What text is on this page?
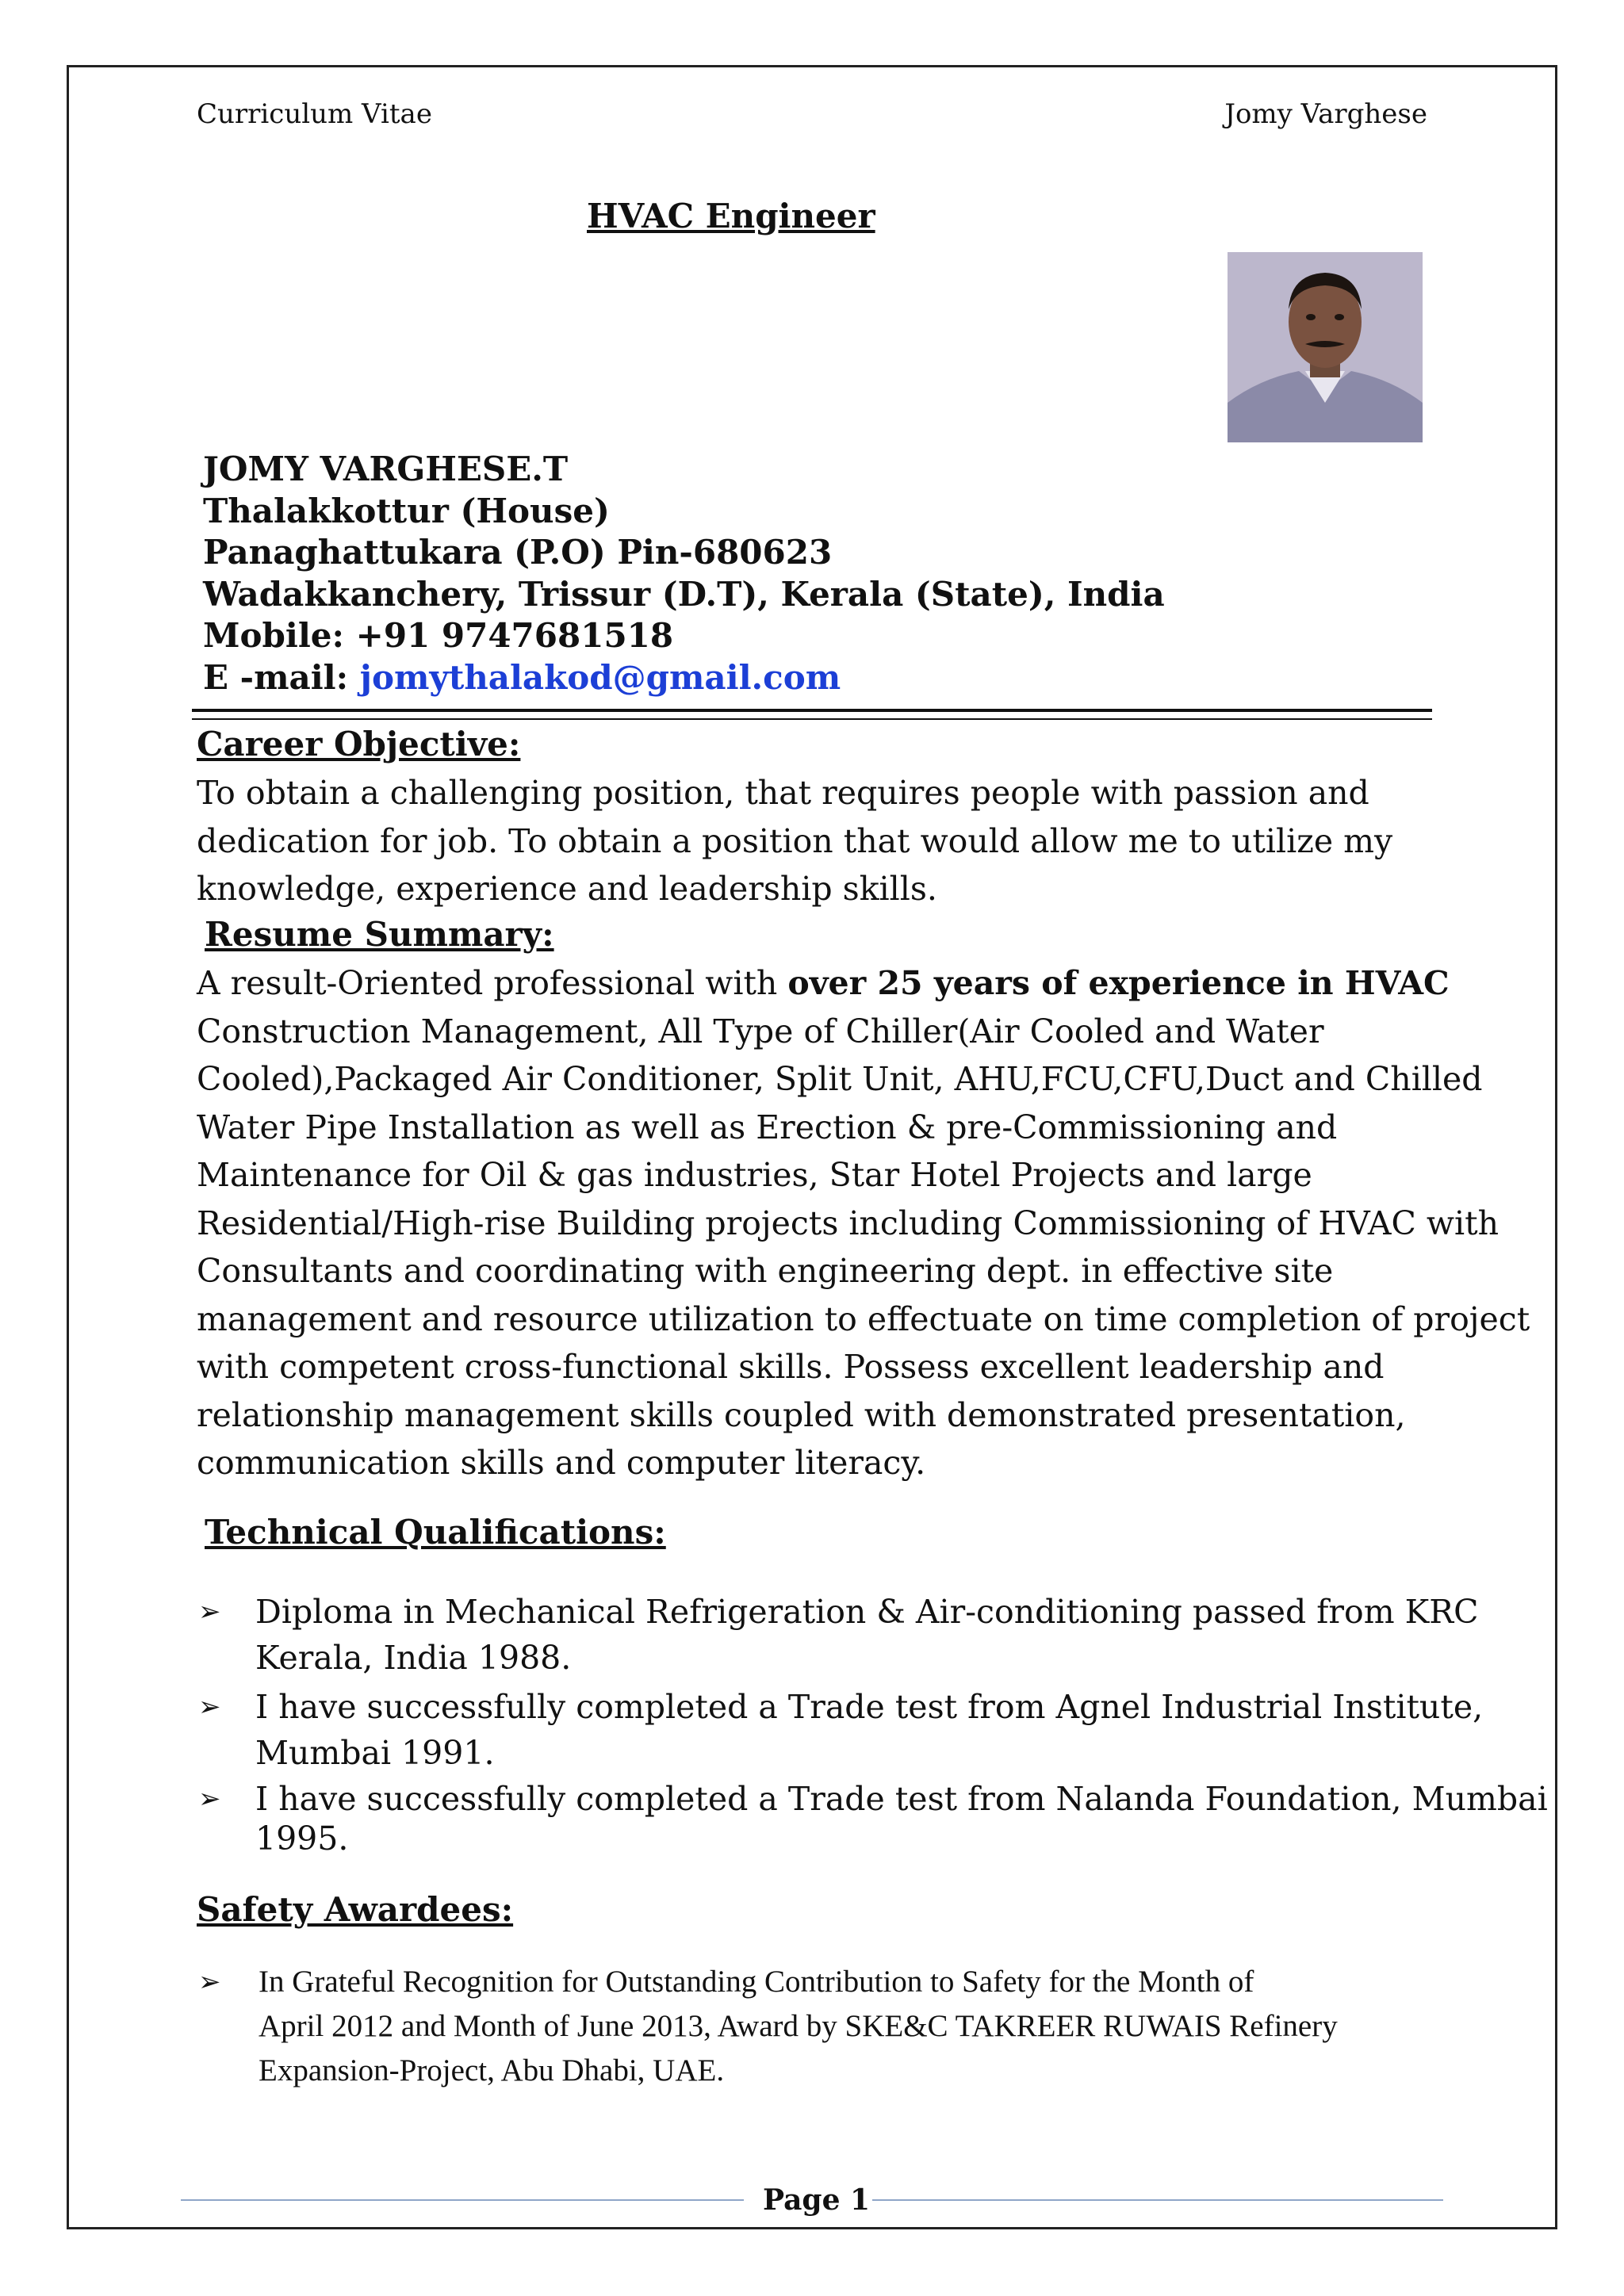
Curriculum Vitae	Jomy Varghese
HVAC Engineer
JOMY VARGHESE.T
Thalakkottur (House)
Panaghattukara (P.O) Pin-680623
Wadakkanchery, Trissur (D.T), Kerala (State), India
Mobile: +91 9747681518
E -mail: jomythalakod@gmail.com
Career Objective:
To obtain a challenging position, that requires people with passion and
dedication for job. To obtain a position that would allow me to utilize my
knowledge, experience and leadership skills.
Resume Summary:
A result-Oriented professional with over 25 years of experience in HVAC
Construction Management, All Type of Chiller(Air Cooled and Water
Cooled),Packaged Air Conditioner, Split Unit, AHU,FCU,CFU,Duct and Chilled
Water Pipe Installation as well as Erection & pre-Commissioning and
Maintenance for Oil & gas industries, Star Hotel Projects and large
Residential/High-rise Building projects including Commissioning of HVAC with
Consultants and coordinating with engineering dept. in effective site
management and resource utilization to effectuate on time completion of project
with competent cross-functional skills. Possess excellent leadership and
relationship management skills coupled with demonstrated presentation,
communication skills and computer literacy.
Technical Qualifications:
➢ Diploma in Mechanical Refrigeration & Air-conditioning passed from KRC
Kerala, India 1988.
➢ I have successfully completed a Trade test from Agnel Industrial Institute,
Mumbai 1991.
➢ I have successfully completed a Trade test from Nalanda Foundation, Mumbai
1995.
Safety Awardees:
➢ In Grateful Recognition for Outstanding Contribution to Safety for the Month of
April 2012 and Month of June 2013, Award by SKE&C TAKREER RUWAIS Refinery
Expansion-Project, Abu Dhabi, UAE.
Page 1
